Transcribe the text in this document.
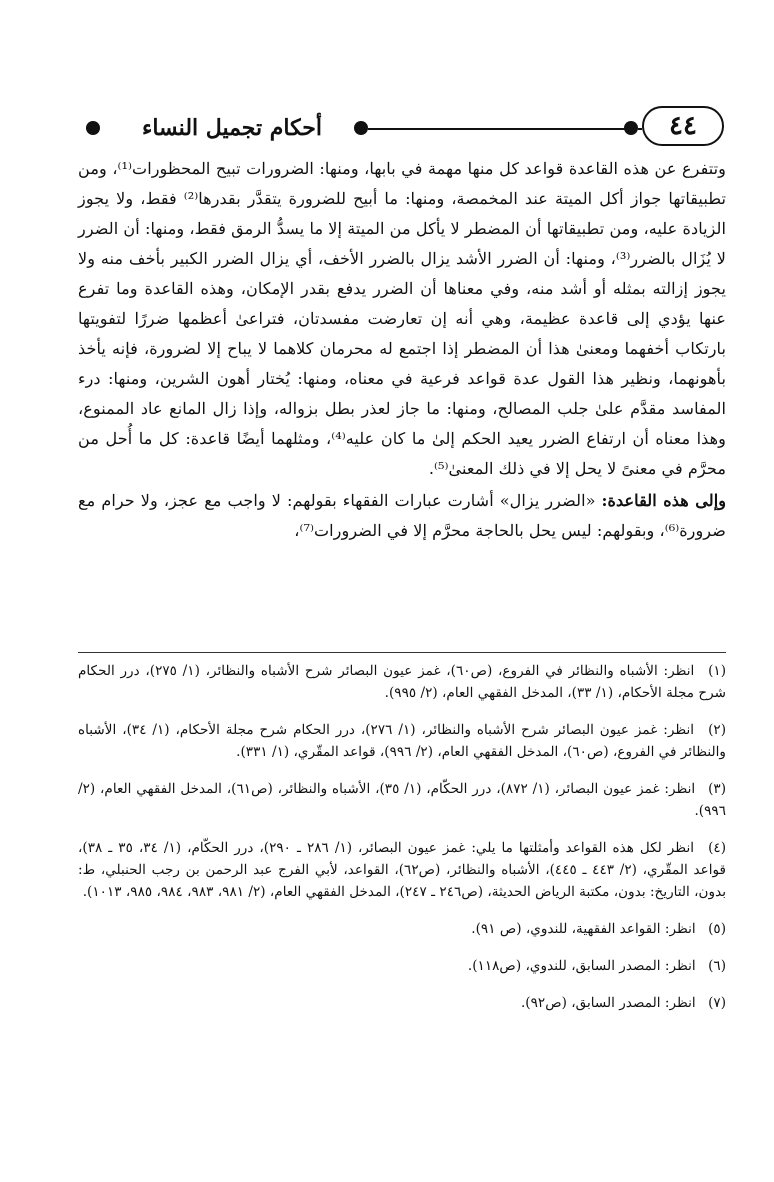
أحكام تجميل النساء	٤٤

وتتفرع عن هذه القاعدة قواعد كل منها مهمة في بابها، ومنها: الضرورات تبيح المحظورات⁽¹⁾، ومن تطبيقاتها جواز أكل الميتة عند المخمصة، ومنها: ما أبيح للضرورة يتقدَّر بقدرها⁽²⁾ فقط، ولا يجوز الزيادة عليه، ومن تطبيقاتها أن المضطر لا يأكل من الميتة إلا ما يسدُّ الرمق فقط، ومنها: أن الضرر لا يُزَال بالضرر⁽³⁾، ومنها: أن الضرر الأشد يزال بالضرر الأخف، أي يزال الضرر الكبير بأخف منه ولا يجوز إزالته بمثله أو أشد منه، وفي معناها أن الضرر يدفع بقدر الإمكان، وهذه القاعدة وما تفرع عنها يؤدي إلى قاعدة عظيمة، وهي أنه إن تعارضت مفسدتان، فتراعىٰ أعظمها ضررًا لتفويتها بارتكاب أخفهما ومعنىٰ هذا أن المضطر إذا اجتمع له محرمان كلاهما لا يباح إلا لضرورة، فإنه يأخذ بأهونهما، ونظير هذا القول عدة قواعد فرعية في معناه، ومنها: يُختار أهون الشرين، ومنها: درء المفاسد مقدَّم علىٰ جلب المصالح، ومنها: ما جاز لعذر بطل بزواله، وإذا زال المانع عاد الممنوع، وهذا معناه أن ارتفاع الضرر يعيد الحكم إلىٰ ما كان عليه⁽⁴⁾، ومثلهما أيضًا قاعدة: كل ما أُحل من محرَّم في معنىً لا يحل إلا في ذلك المعنىٰ⁽⁵⁾.

وإلى هذه القاعدة: «الضرر يزال» أشارت عبارات الفقهاء بقولهم: لا واجب مع عجز، ولا حرام مع ضرورة⁽⁶⁾، وبقولهم: ليس يحل بالحاجة محرَّم إلا في الضرورات⁽⁷⁾،

(١) انظر: الأشباه والنظائر في الفروع، (ص٦٠)، غمز عيون البصائر شرح الأشباه والنظائر، (١/ ٢٧٥)، درر الحكام شرح مجلة الأحكام، (١/ ٣٣)، المدخل الفقهي العام، (٢/ ٩٩٥).
(٢) انظر: غمز عيون البصائر شرح الأشباه والنظائر، (١/ ٢٧٦)، درر الحكام شرح مجلة الأحكام، (١/ ٣٤)، الأشباه والنظائر في الفروع، (ص٦٠)، المدخل الفقهي العام، (٢/ ٩٩٦)، قواعد المقّري، (١/ ٣٣١).
(٣) انظر: غمز عيون البصائر، (١/ ٨٧٢)، درر الحكّام، (١/ ٣٥)، الأشباه والنظائر، (ص٦١)، المدخل الفقهي العام، (٢/ ٩٩٦).
(٤) انظر لكل هذه القواعد وأمثلتها ما يلي: غمز عيون البصائر، (١/ ٢٨٦ ـ ٢٩٠)، درر الحكّام، (١/ ٣٤، ٣٥ ـ ٣٨)، قواعد المقّري، (٢/ ٤٤٣ ـ ٤٤٥)، الأشباه والنظائر، (ص٦٢)، القواعد، لأبي الفرج عبد الرحمن بن رجب الحنبلي، ط: بدون، التاريخ: بدون، مكتبة الرياض الحديثة، (ص٢٤٦ ـ ٢٤٧)، المدخل الفقهي العام، (٢/ ٩٨١، ٩٨٣، ٩٨٤، ٩٨٥، ١٠١٣).
(٥) انظر: القواعد الفقهية، للندوي، (ص ٩١).
(٦) انظر: المصدر السابق، للندوي، (ص١١٨).
(٧) انظر: المصدر السابق، (ص٩٢).
